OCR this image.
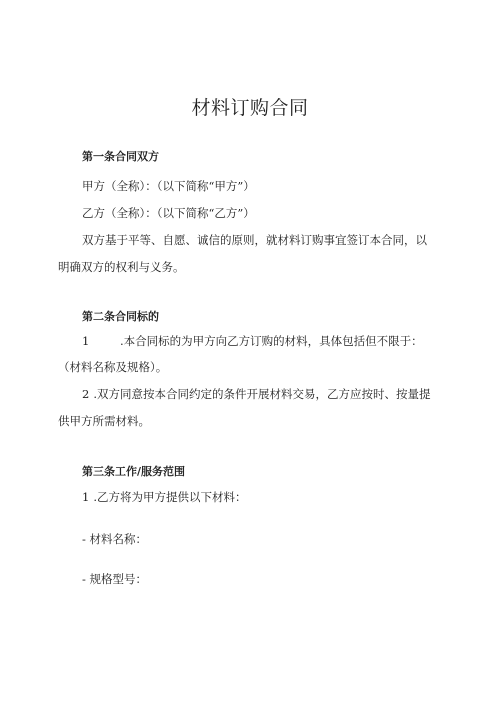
材料订购合同
第一条合同双方
甲方（全称）：（以下简称“甲方”）
乙方（全称）：（以下简称“乙方”）
双方基于平等、自愿、诚信的原则，就材料订购事宜签订本合同，以
明确双方的权利与义务。
第二条合同标的
1	.本合同标的为甲方向乙方订购的材料，具体包括但不限于：
（材料名称及规格）。
2 .双方同意按本合同约定的条件开展材料交易，乙方应按时、按量提
供甲方所需材料。
第三条工作/服务范围
1 .乙方将为甲方提供以下材料：
- 材料名称：
- 规格型号：
